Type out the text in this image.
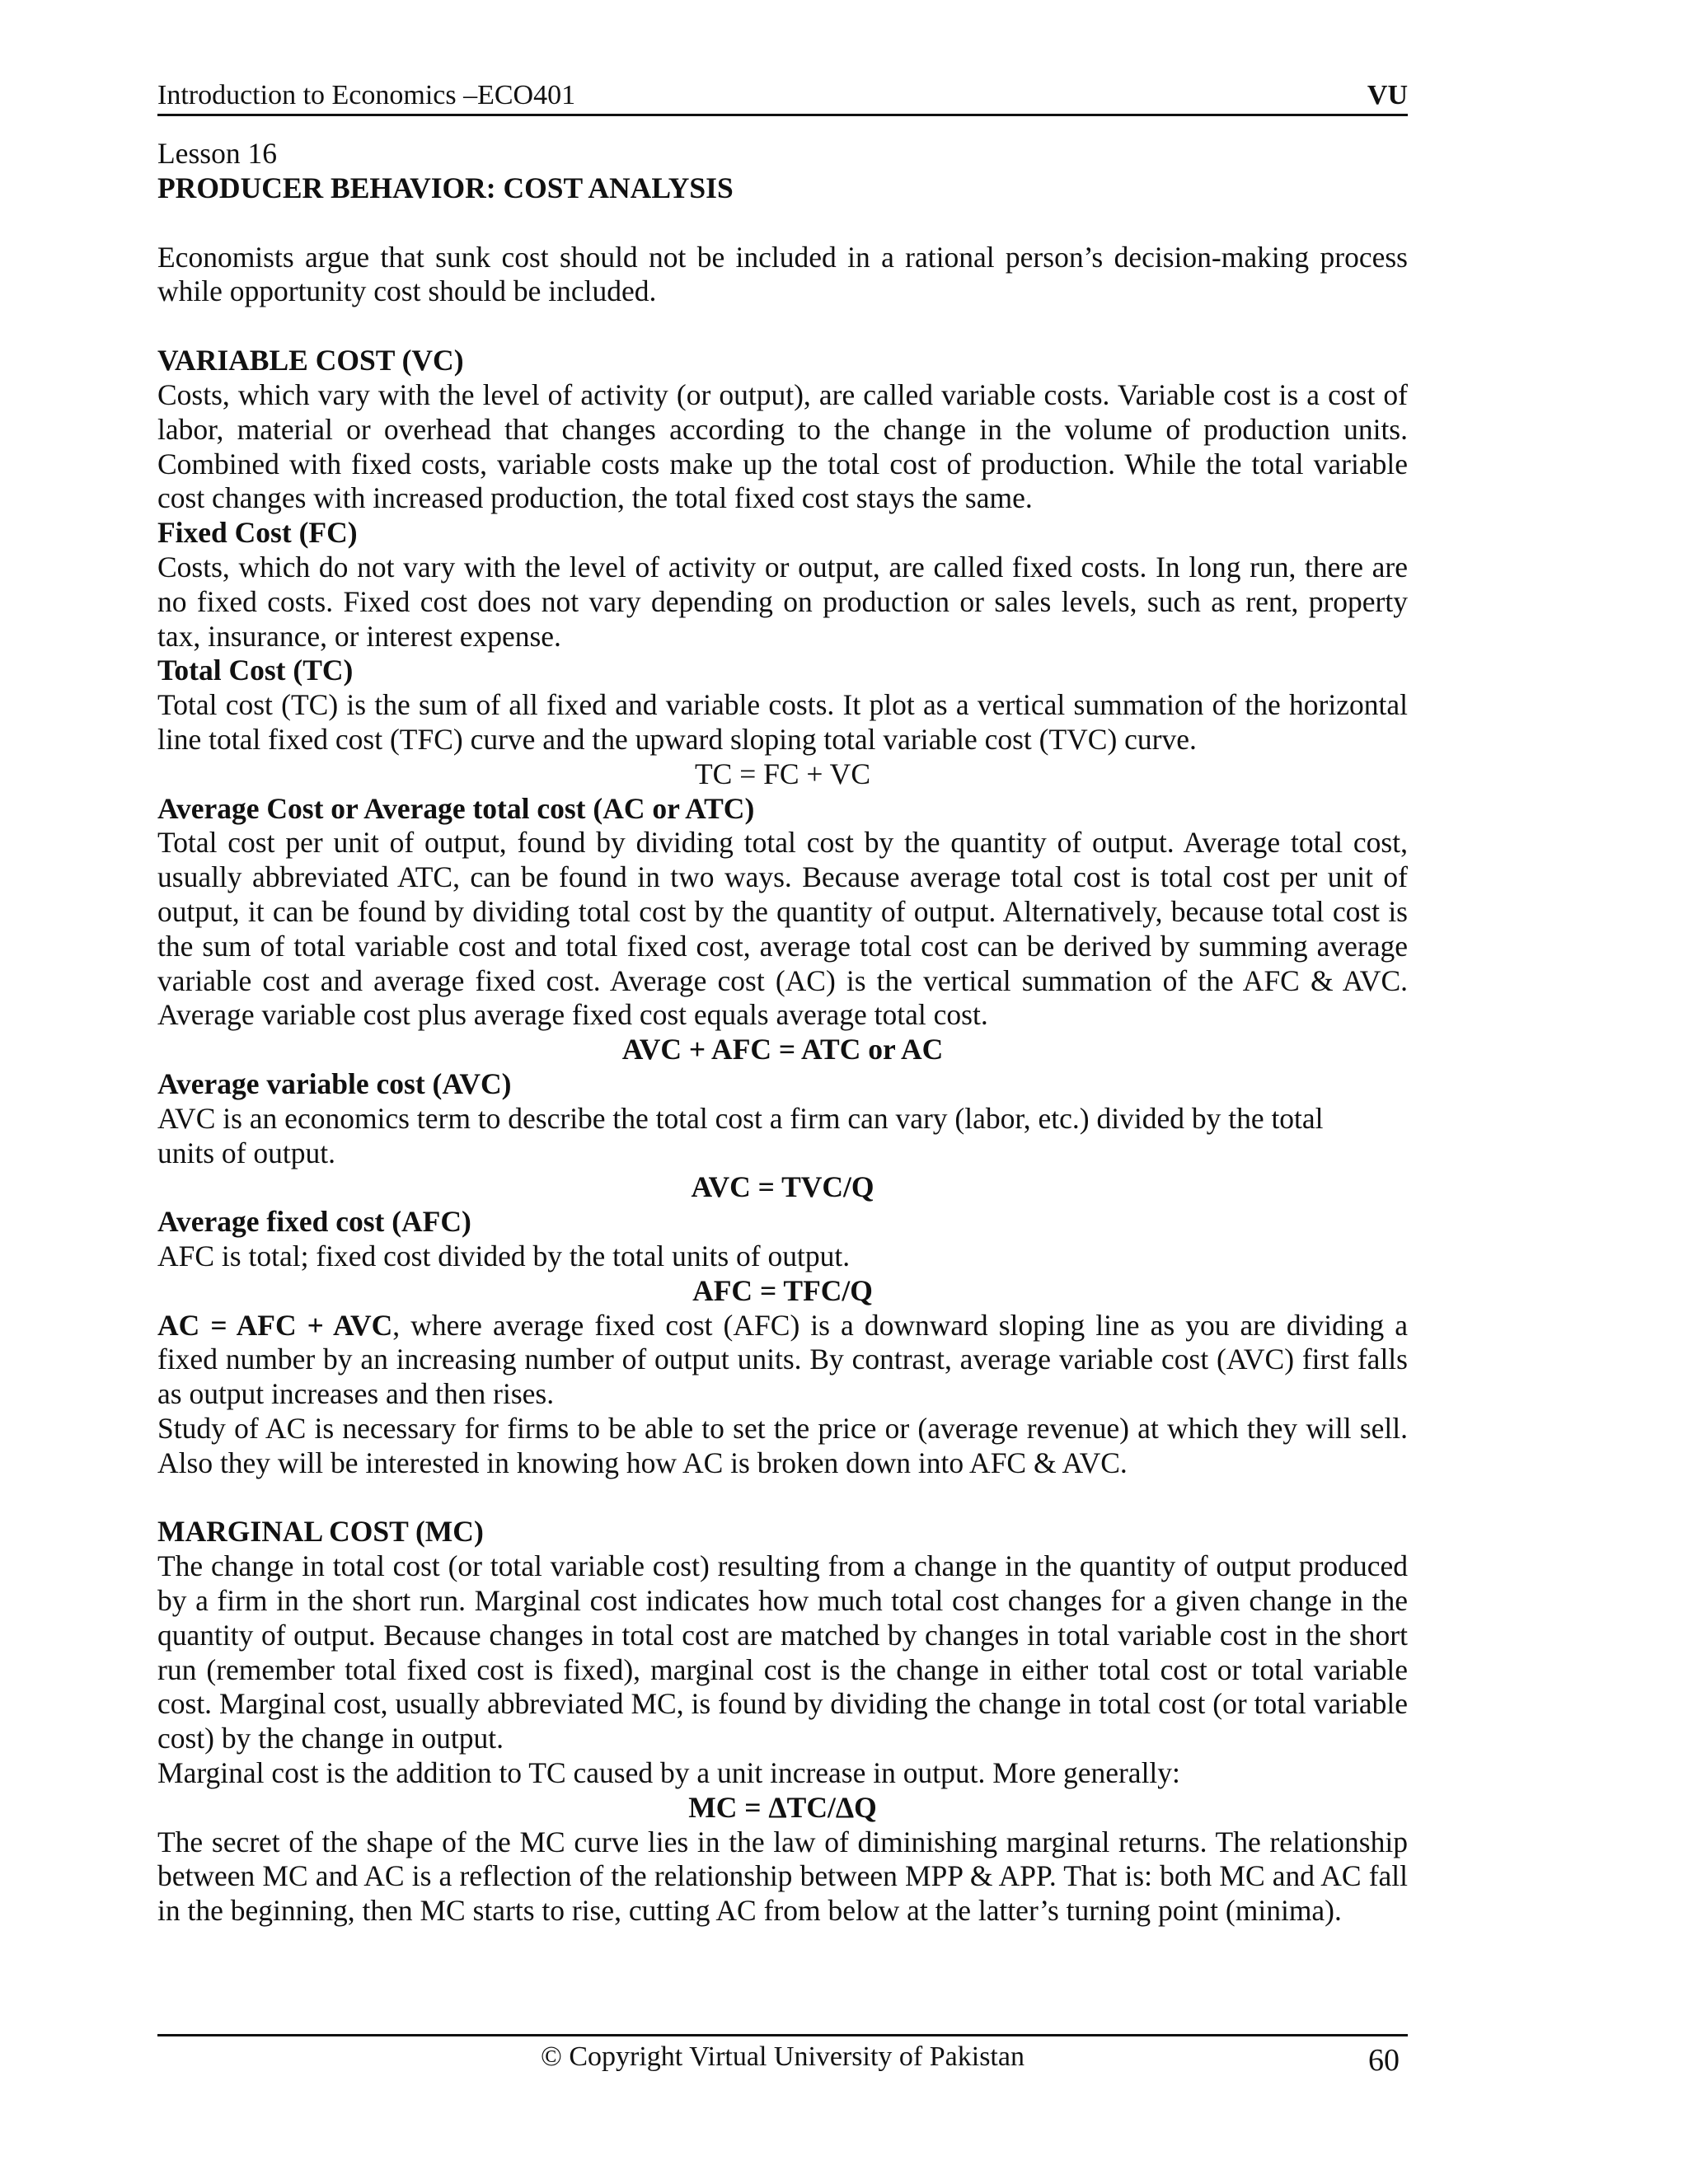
Introduction to Economics –ECO401	VU

Lesson 16

PRODUCER BEHAVIOR: COST ANALYSIS

Economists argue that sunk cost should not be included in a rational person’s decision-making process while opportunity cost should be included.

VARIABLE COST (VC)

Costs, which vary with the level of activity (or output), are called variable costs. Variable cost is a cost of labor, material or overhead that changes according to the change in the volume of production units. Combined with fixed costs, variable costs make up the total cost of production. While the total variable cost changes with increased production, the total fixed cost stays the same.

Fixed Cost (FC)

Costs, which do not vary with the level of activity or output, are called fixed costs. In long run, there are no fixed costs. Fixed cost does not vary depending on production or sales levels, such as rent, property tax, insurance, or interest expense.

Total Cost (TC)

Total cost (TC) is the sum of all fixed and variable costs. It plot as a vertical summation of the horizontal line total fixed cost (TFC) curve and the upward sloping total variable cost (TVC) curve.

TC = FC + VC

Average Cost or Average total cost (AC or ATC)

Total cost per unit of output, found by dividing total cost by the quantity of output. Average total cost, usually abbreviated ATC, can be found in two ways. Because average total cost is total cost per unit of output, it can be found by dividing total cost by the quantity of output. Alternatively, because total cost is the sum of total variable cost and total fixed cost, average total cost can be derived by summing average variable cost and average fixed cost. Average cost (AC) is the vertical summation of the AFC & AVC. Average variable cost plus average fixed cost equals average total cost.

AVC + AFC = ATC or AC

Average variable cost (AVC)

AVC is an economics term to describe the total cost a firm can vary (labor, etc.) divided by the total

units of output.

AVC = TVC/Q

Average fixed cost (AFC)

AFC is total; fixed cost divided by the total units of output.

AFC = TFC/Q

AC = AFC + AVC, where average fixed cost (AFC) is a downward sloping line as you are dividing a fixed number by an increasing number of output units. By contrast, average variable cost (AVC) first falls as output increases and then rises.

Study of AC is necessary for firms to be able to set the price or (average revenue) at which they will sell. Also they will be interested in knowing how AC is broken down into AFC & AVC.

MARGINAL COST (MC)

The change in total cost (or total variable cost) resulting from a change in the quantity of output produced by a firm in the short run. Marginal cost indicates how much total cost changes for a given change in the quantity of output. Because changes in total cost are matched by changes in total variable cost in the short run (remember total fixed cost is fixed), marginal cost is the change in either total cost or total variable cost. Marginal cost, usually abbreviated MC, is found by dividing the change in total cost (or total variable cost) by the change in output.

Marginal cost is the addition to TC caused by a unit increase in output. More generally:

MC = ΔTC/ΔQ

The secret of the shape of the MC curve lies in the law of diminishing marginal returns. The relationship between MC and AC is a reflection of the relationship between MPP & APP. That is: both MC and AC fall in the beginning, then MC starts to rise, cutting AC from below at the latter’s turning point (minima).

© Copyright Virtual University of Pakistan	60
